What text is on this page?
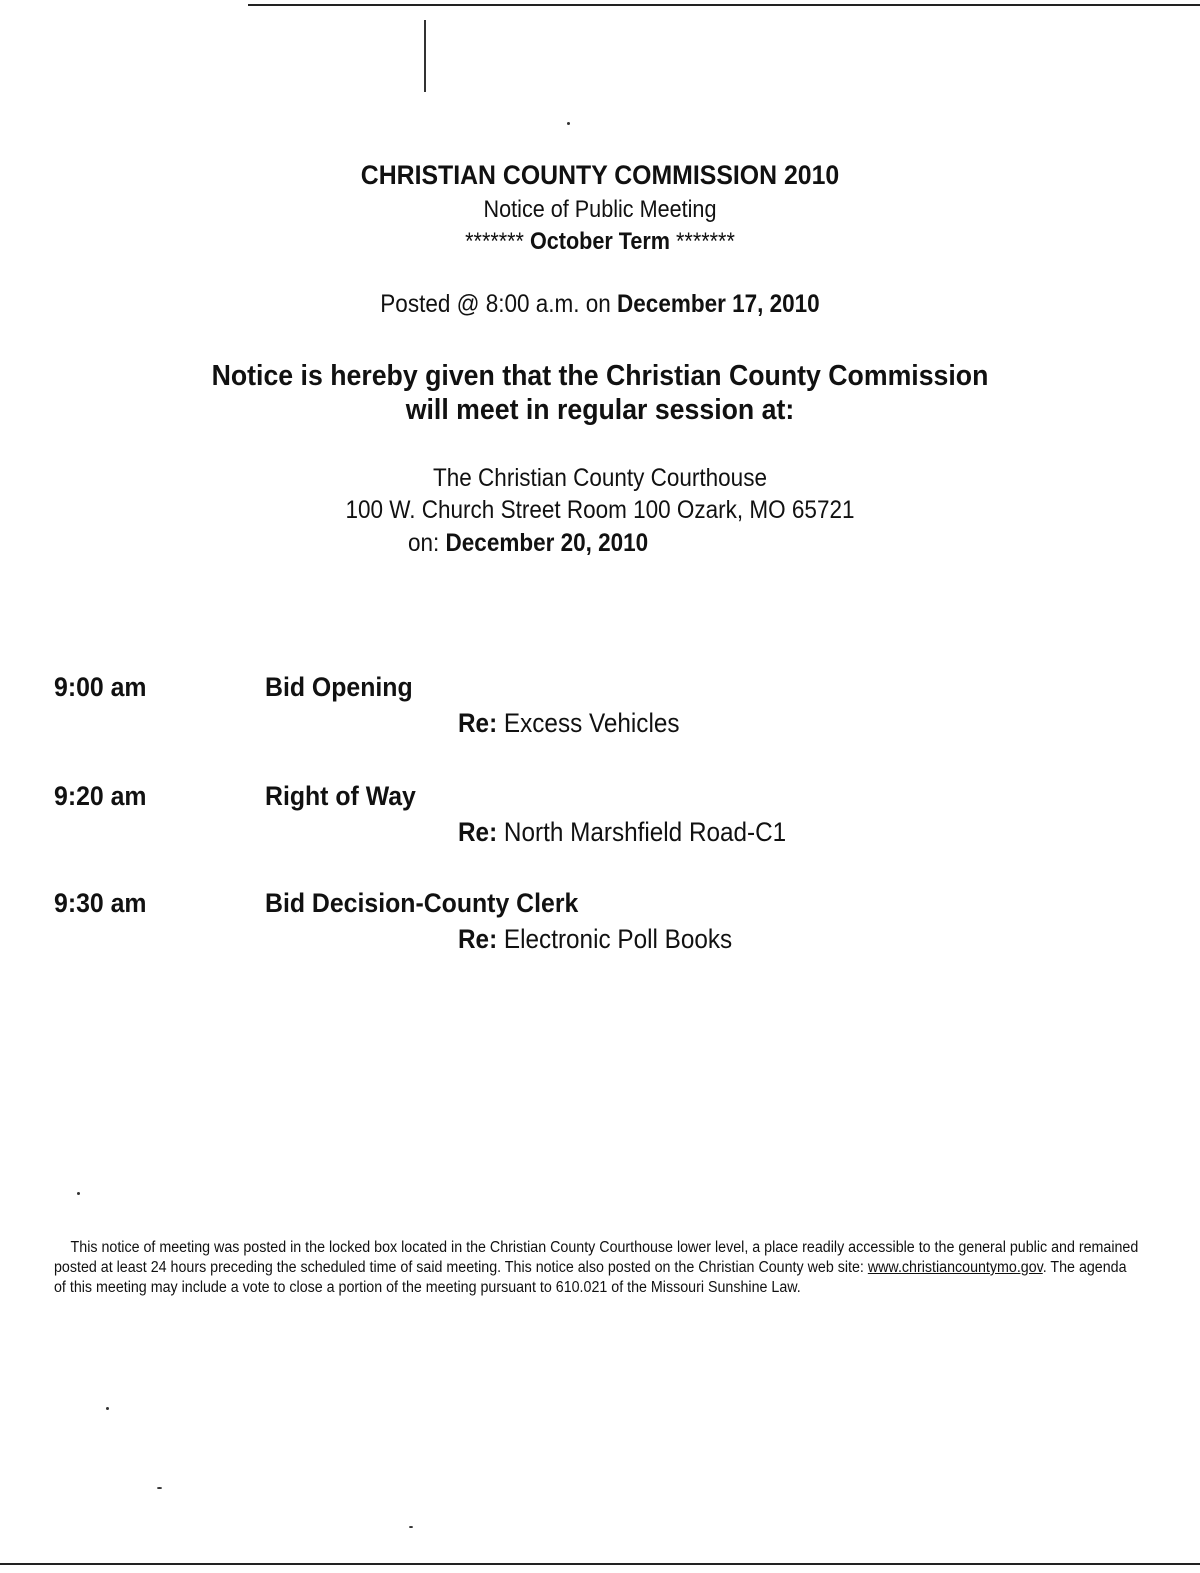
CHRISTIAN COUNTY COMMISSION 2010
Notice of Public Meeting
******* October Term *******
Posted @ 8:00 a.m. on December 17, 2010
Notice is hereby given that the Christian County Commission
will meet in regular session at:
The Christian County Courthouse
100 W. Church Street Room 100 Ozark, MO 65721
on: December 20, 2010
9:00 am	Bid Opening
Re: Excess Vehicles
9:20 am	Right of Way
Re: North Marshfield Road-C1
9:30 am	Bid Decision-County Clerk
Re: Electronic Poll Books
This notice of meeting was posted in the locked box located in the Christian County Courthouse lower level, a place readily accessible to the general public and remained posted at least 24 hours preceding the scheduled time of said meeting. This notice also posted on the Christian County web site: www.christiancountymo.gov. The agenda of this meeting may include a vote to close a portion of the meeting pursuant to 610.021 of the Missouri Sunshine Law.
